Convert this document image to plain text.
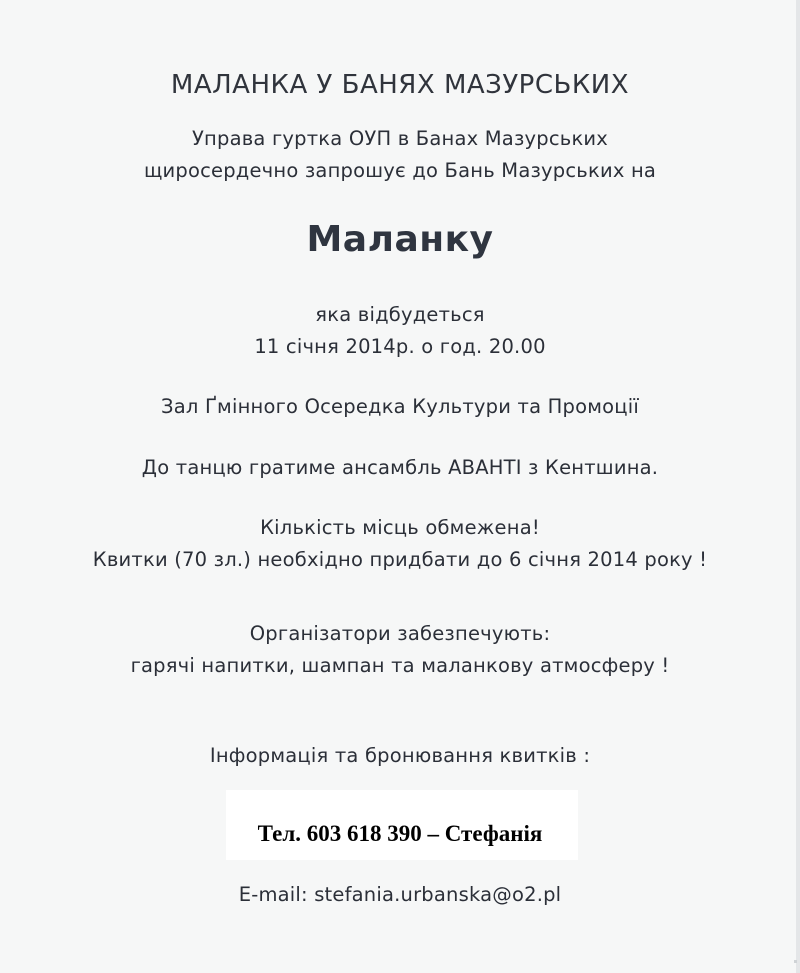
МАЛАНКА У БАНЯХ МАЗУРСЬКИХ
Управа гуртка ОУП в Банах Мазурських
щиросердечно запрошує до Бань Мазурських на
Маланку
яка відбудеться
11 січня 2014р. о год. 20.00
Зал Ґмінного Осередка Культури та Промоції
До танцю гратиме ансамбль АВАНТІ з Кентшина.
Кількість місць обмежена!
Квитки (70 зл.) необхідно придбати до 6 січня 2014 року !
Організатори забезпечують:
гарячі напитки, шампан та маланкову атмосферу !
Інформація та бронювання квитків :
Тел. 603 618 390 – Стефанія
E-mail: stefania.urbanska@o2.pl
